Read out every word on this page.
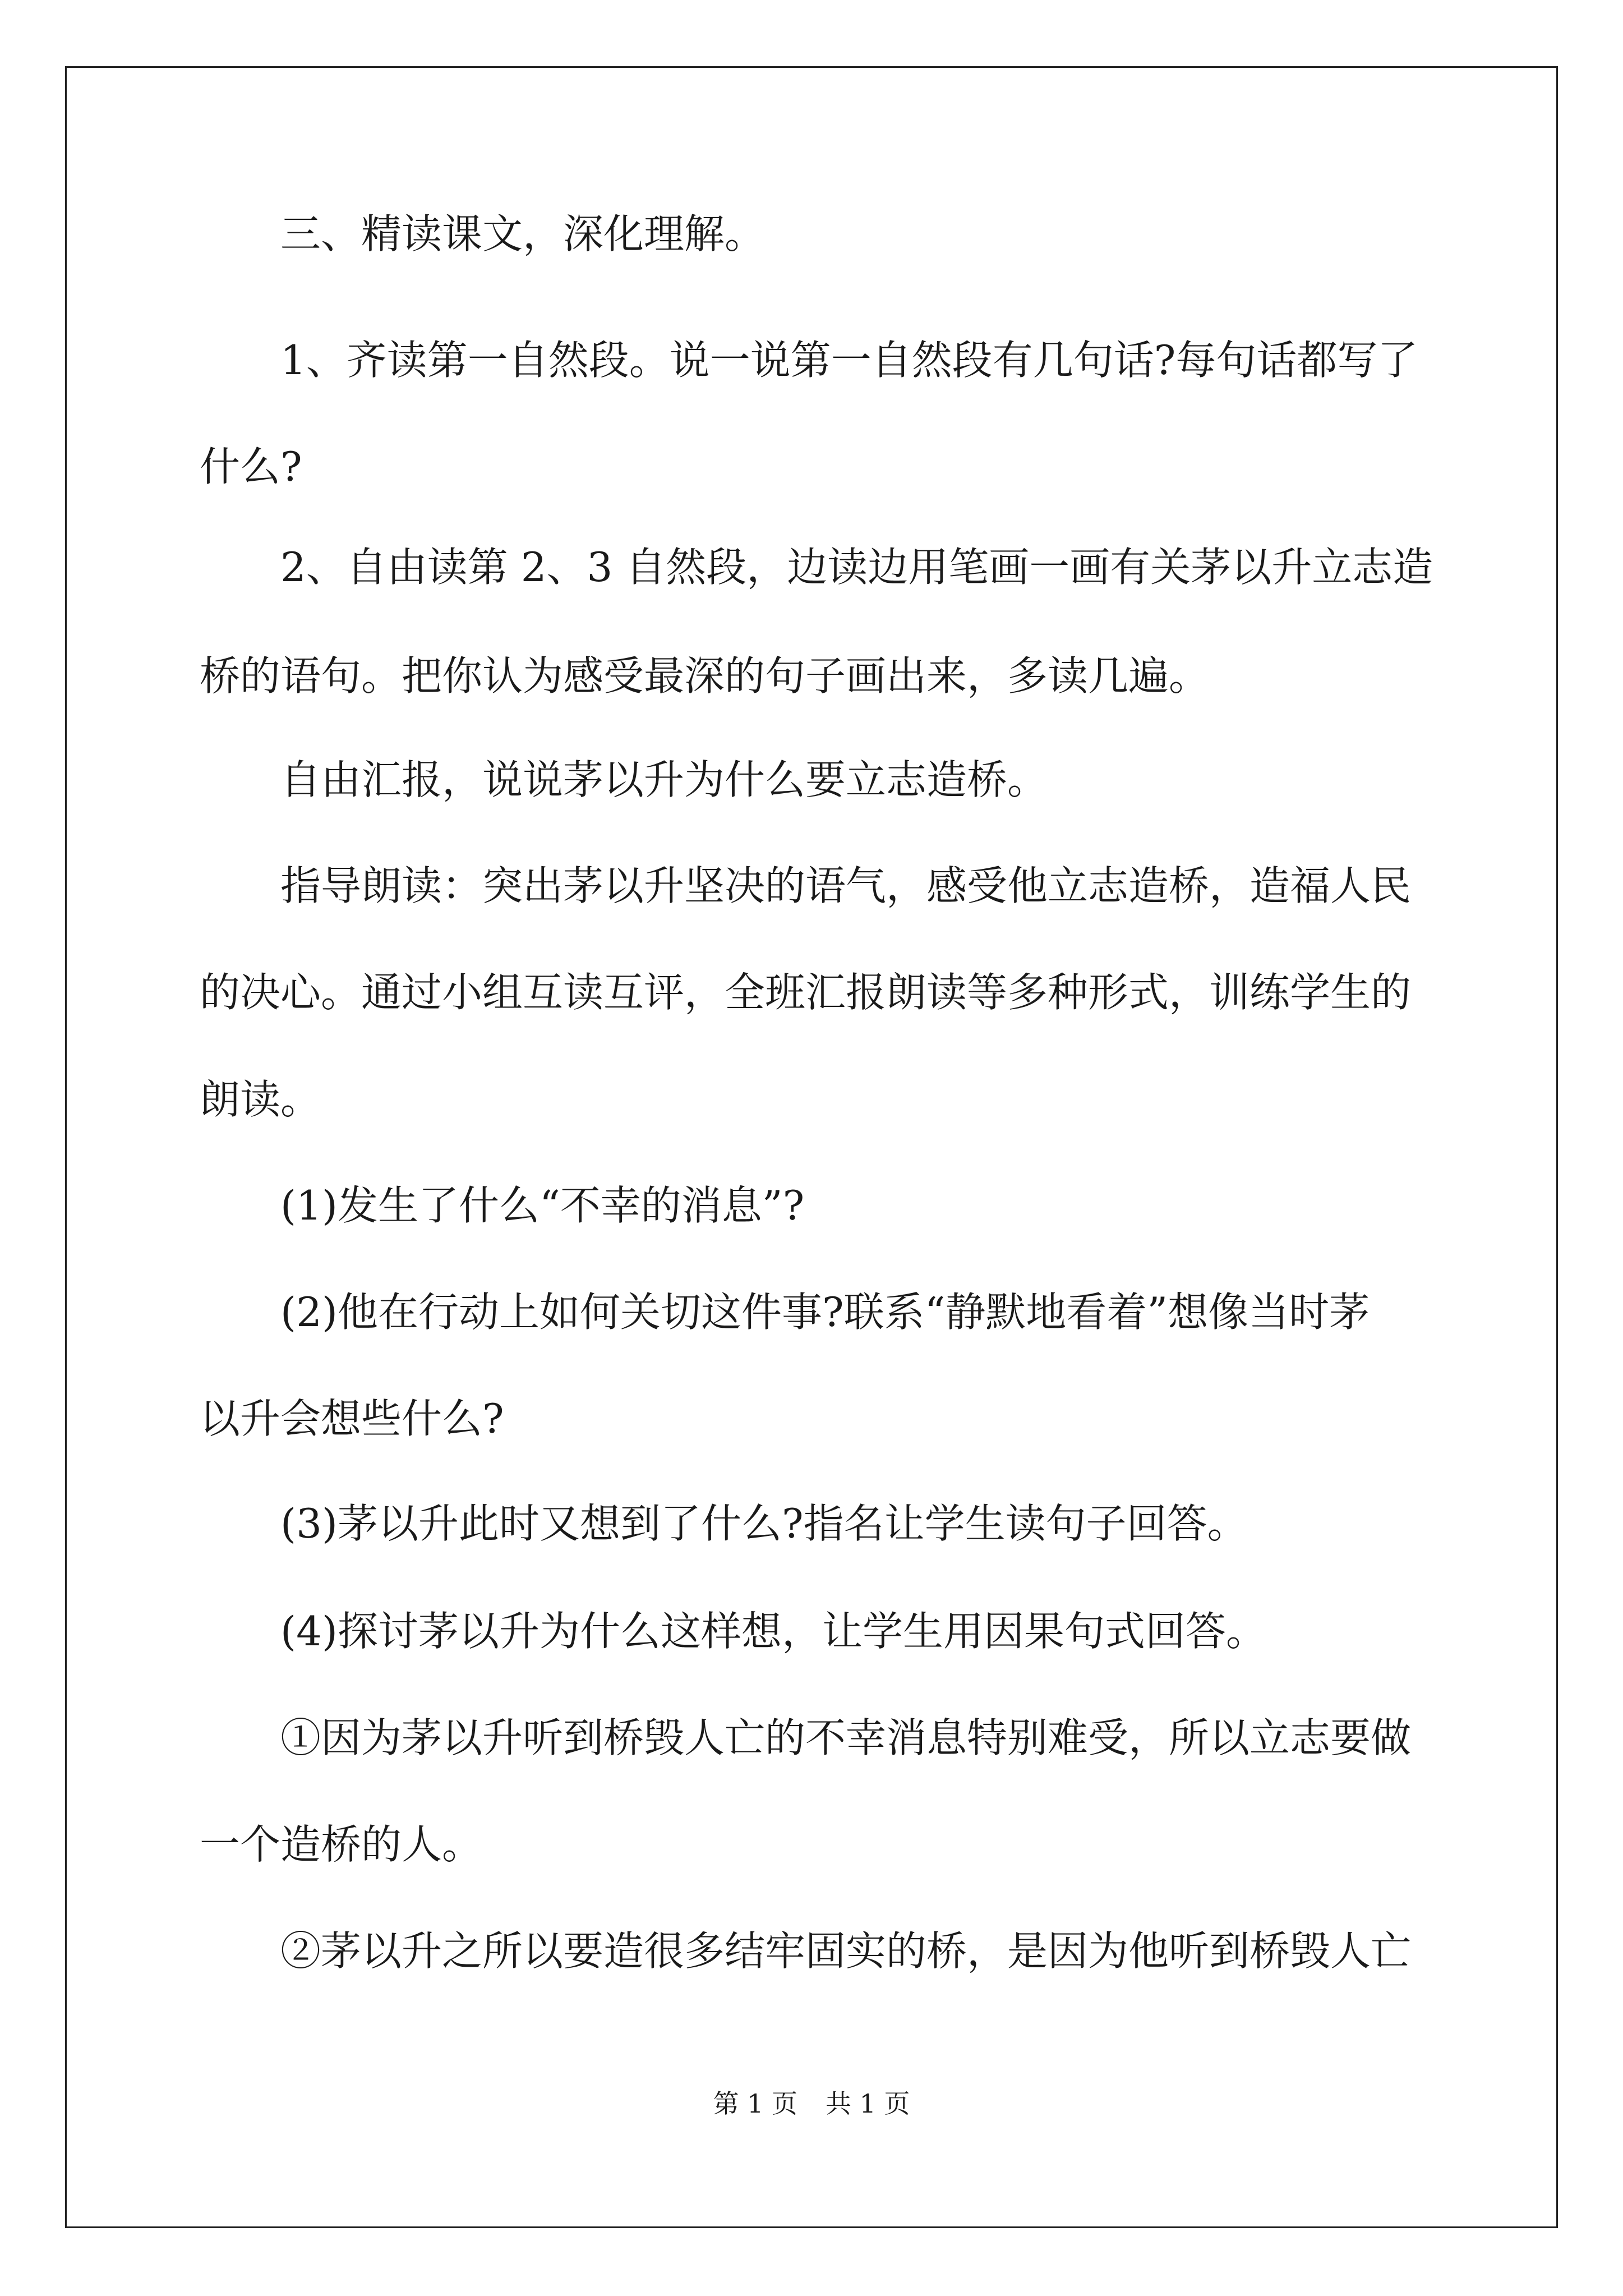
三、精读课文，深化理解。
1、齐读第一自然段。说一说第一自然段有几句话?每句话都写了
什么?
2、自由读第 2、3 自然段，边读边用笔画一画有关茅以升立志造
桥的语句。把你认为感受最深的句子画出来，多读几遍。
自由汇报，说说茅以升为什么要立志造桥。
指导朗读：突出茅以升坚决的语气，感受他立志造桥，造福人民
的决心。通过小组互读互评，全班汇报朗读等多种形式，训练学生的
朗读。
(1)发生了什么“不幸的消息”?
(2)他在行动上如何关切这件事?联系“静默地看着”想像当时茅
以升会想些什么?
(3)茅以升此时又想到了什么?指名让学生读句子回答。
(4)探讨茅以升为什么这样想，让学生用因果句式回答。
①因为茅以升听到桥毁人亡的不幸消息特别难受，所以立志要做
一个造桥的人。
②茅以升之所以要造很多结牢固实的桥，是因为他听到桥毁人亡
第 1 页 共 1 页
